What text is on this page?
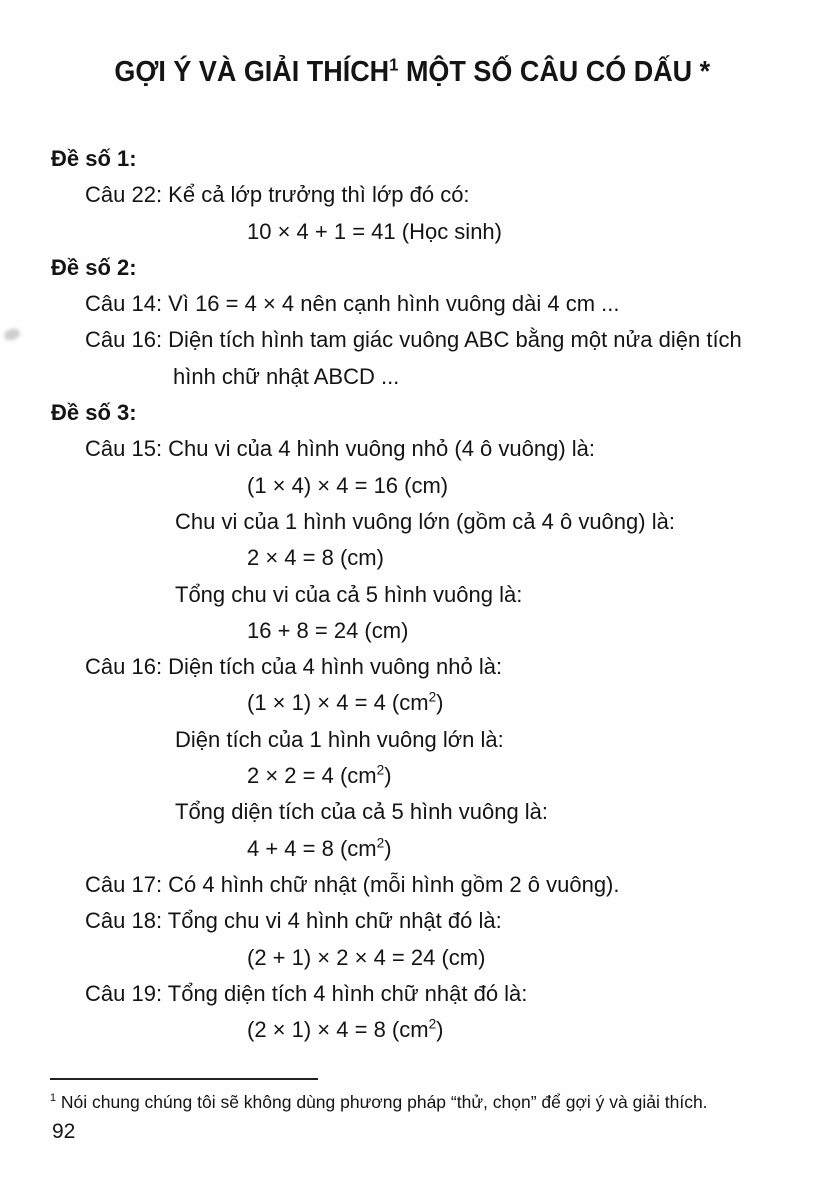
GỢI Ý VÀ GIẢI THÍCH$^1$ MỘT SỐ CÂU CÓ DẤU *
Đề số 1:
Câu 22: Kể cả lớp trưởng thì lớp đó có:
10 × 4 + 1 = 41 (Học sinh)
Đề số 2:
Câu 14: Vì 16 = 4 × 4 nên cạnh hình vuông dài 4 cm ...
Câu 16: Diện tích hình tam giác vuông ABC bằng một nửa diện tích
hình chữ nhật ABCD ...
Đề số 3:
Câu 15: Chu vi của 4 hình vuông nhỏ (4 ô vuông) là:
(1 × 4) × 4 = 16 (cm)
Chu vi của 1 hình vuông lớn (gồm cả 4 ô vuông) là:
2 × 4 = 8 (cm)
Tổng chu vi của cả 5 hình vuông là:
16 + 8 = 24 (cm)
Câu 16: Diện tích của 4 hình vuông nhỏ là:
(1 × 1) × 4 = 4 $(cm^2)$
Diện tích của 1 hình vuông lớn là:
2 × 2 = 4 $(cm^2)$
Tổng diện tích của cả 5 hình vuông là:
4 + 4 = 8 $(cm^2)$
Câu 17: Có 4 hình chữ nhật (mỗi hình gồm 2 ô vuông).
Câu 18: Tổng chu vi 4 hình chữ nhật đó là:
(2 + 1) × 2 × 4 = 24 (cm)
Câu 19: Tổng diện tích 4 hình chữ nhật đó là:
(2 × 1) × 4 = 8 $(cm^2)$
$^1$ Nói chung chúng tôi sẽ không dùng phương pháp “thử, chọn” để gợi ý và giải thích.
92
